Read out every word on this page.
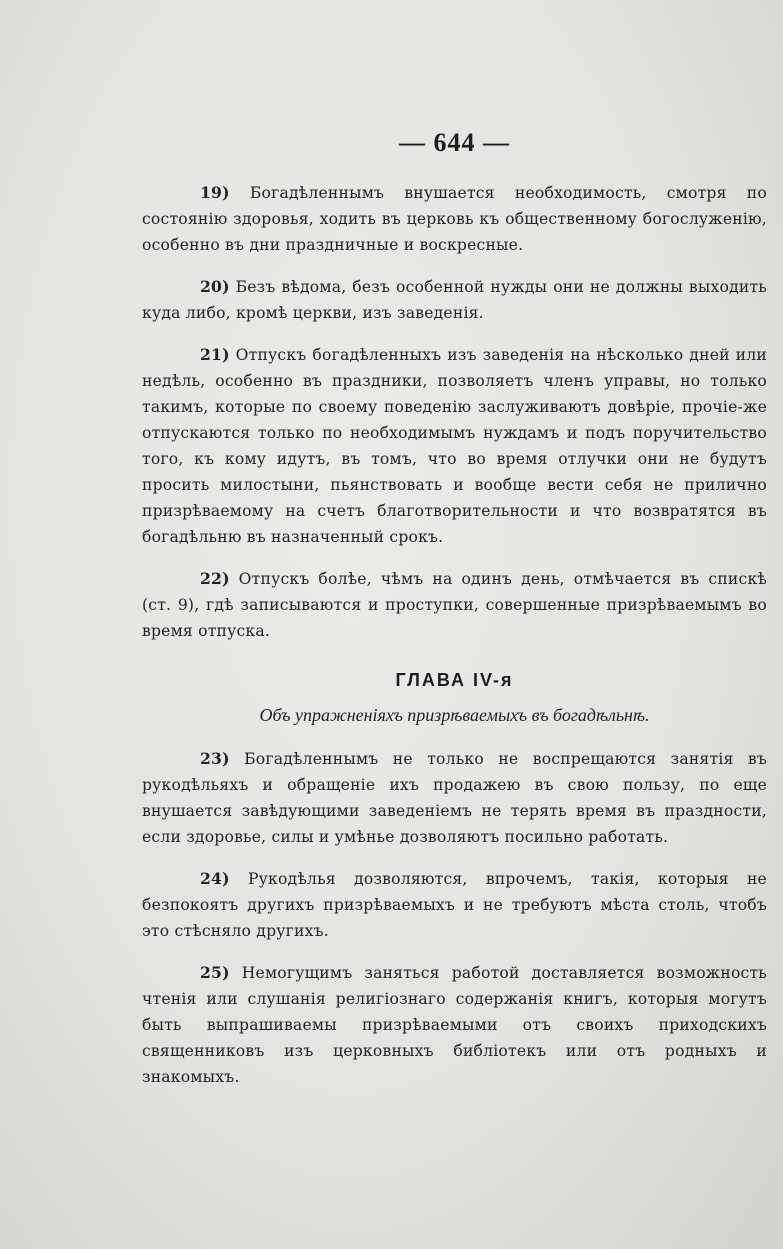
— 644 —

19) Богадѣленнымъ внушается необходимость, смотря по состоянію здоровья, ходить въ церковь къ общественному богослуженію, особенно въ дни праздничные и воскресные.

20) Безъ вѣдома, безъ особенной нужды они не должны выходить куда либо, кромѣ церкви, изъ заведенія.

21) Отпускъ богадѣленныхъ изъ заведенія на нѣсколько дней или недѣль, особенно въ праздники, позволяетъ членъ управы, но только такимъ, которые по своему поведенію заслуживаютъ довѣріе, прочіе-же отпускаются только по необходимымъ нуждамъ и подъ поручительство того, къ кому идутъ, въ томъ, что во время отлучки они не будутъ просить милостыни, пьянствовать и вообще вести себя не прилично призрѣваемому на счетъ благотворительности и что возвратятся въ богадѣльню въ назначенный срокъ.

22) Отпускъ болѣе, чѣмъ на одинъ день, отмѣчается въ спискѣ (ст. 9), гдѣ записываются и проступки, совершенные призрѣваемымъ во время отпуска.

ГЛАВА IV-я
Объ упражненіяхъ призрѣваемыхъ въ богадѣльнѣ.

23) Богадѣленнымъ не только не воспрещаются занятія въ рукодѣльяхъ и обращеніе ихъ продажею въ свою пользу, по еще внушается завѣдующими заведеніемъ не терять время въ праздности, если здоровье, силы и умѣнье дозволяютъ посильно работать.

24) Рукодѣлья дозволяются, впрочемъ, такія, которыя не безпокоятъ другихъ призрѣваемыхъ и не требуютъ мѣста столь, чтобъ это стѣсняло другихъ.

25) Немогущимъ заняться работой доставляется возможность чтенія или слушанія религіознаго содержанія книгъ, которыя могутъ быть выпрашиваемы призрѣваемыми отъ своихъ приходскихъ священниковъ изъ церковныхъ библіотекъ или отъ родныхъ и знакомыхъ.
